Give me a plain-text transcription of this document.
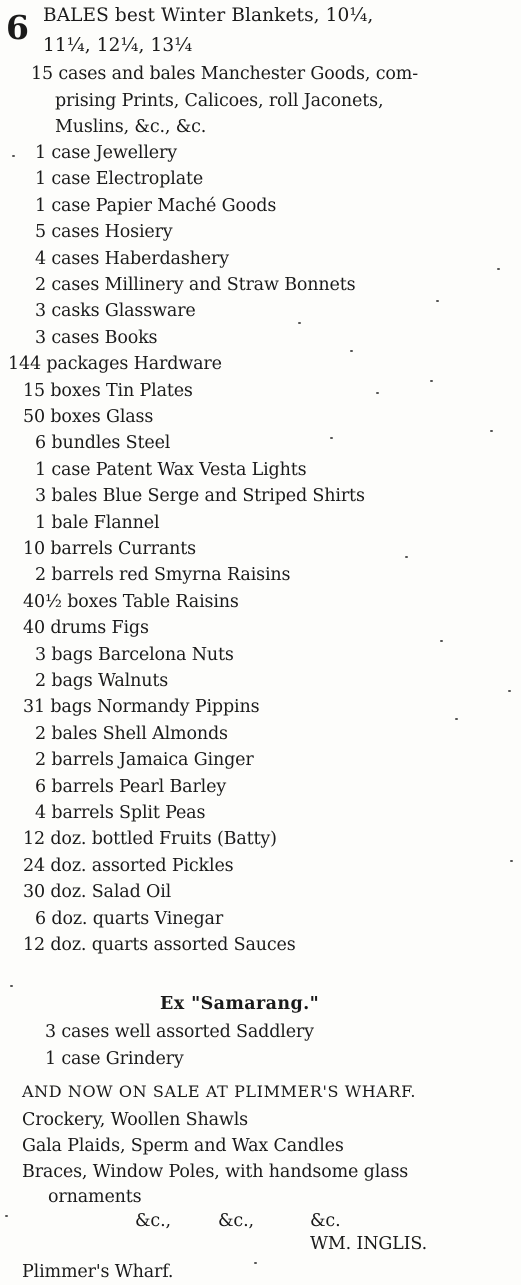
6 BALES best Winter Blankets, 10¼,
11¼, 12¼, 13¼
15 cases and bales Manchester Goods, com-
prising Prints, Calicoes, roll Jaconets,
Muslins, &c., &c.
1 case Jewellery
1 case Electroplate
1 case Papier Maché Goods
5 cases Hosiery
4 cases Haberdashery
2 cases Millinery and Straw Bonnets
3 casks Glassware
3 cases Books
144 packages Hardware
15 boxes Tin Plates
50 boxes Glass
6 bundles Steel
1 case Patent Wax Vesta Lights
3 bales Blue Serge and Striped Shirts
1 bale Flannel
10 barrels Currants
2 barrels red Smyrna Raisins
40½ boxes Table Raisins
40 drums Figs
3 bags Barcelona Nuts
2 bags Walnuts
31 bags Normandy Pippins
2 bales Shell Almonds
2 barrels Jamaica Ginger
6 barrels Pearl Barley
4 barrels Split Peas
12 doz. bottled Fruits (Batty)
24 doz. assorted Pickles
30 doz. Salad Oil
6 doz. quarts Vinegar
12 doz. quarts assorted Sauces
Ex "Samarang."
3 cases well assorted Saddlery
1 case Grindery
AND NOW ON SALE AT PLIMMER'S WHARF.
Crockery, Woollen Shawls
Gala Plaids, Sperm and Wax Candles
Braces, Window Poles, with handsome glass
ornaments
&c.,	&c.,	&c.
WM. INGLIS.
Plimmer's Wharf.
